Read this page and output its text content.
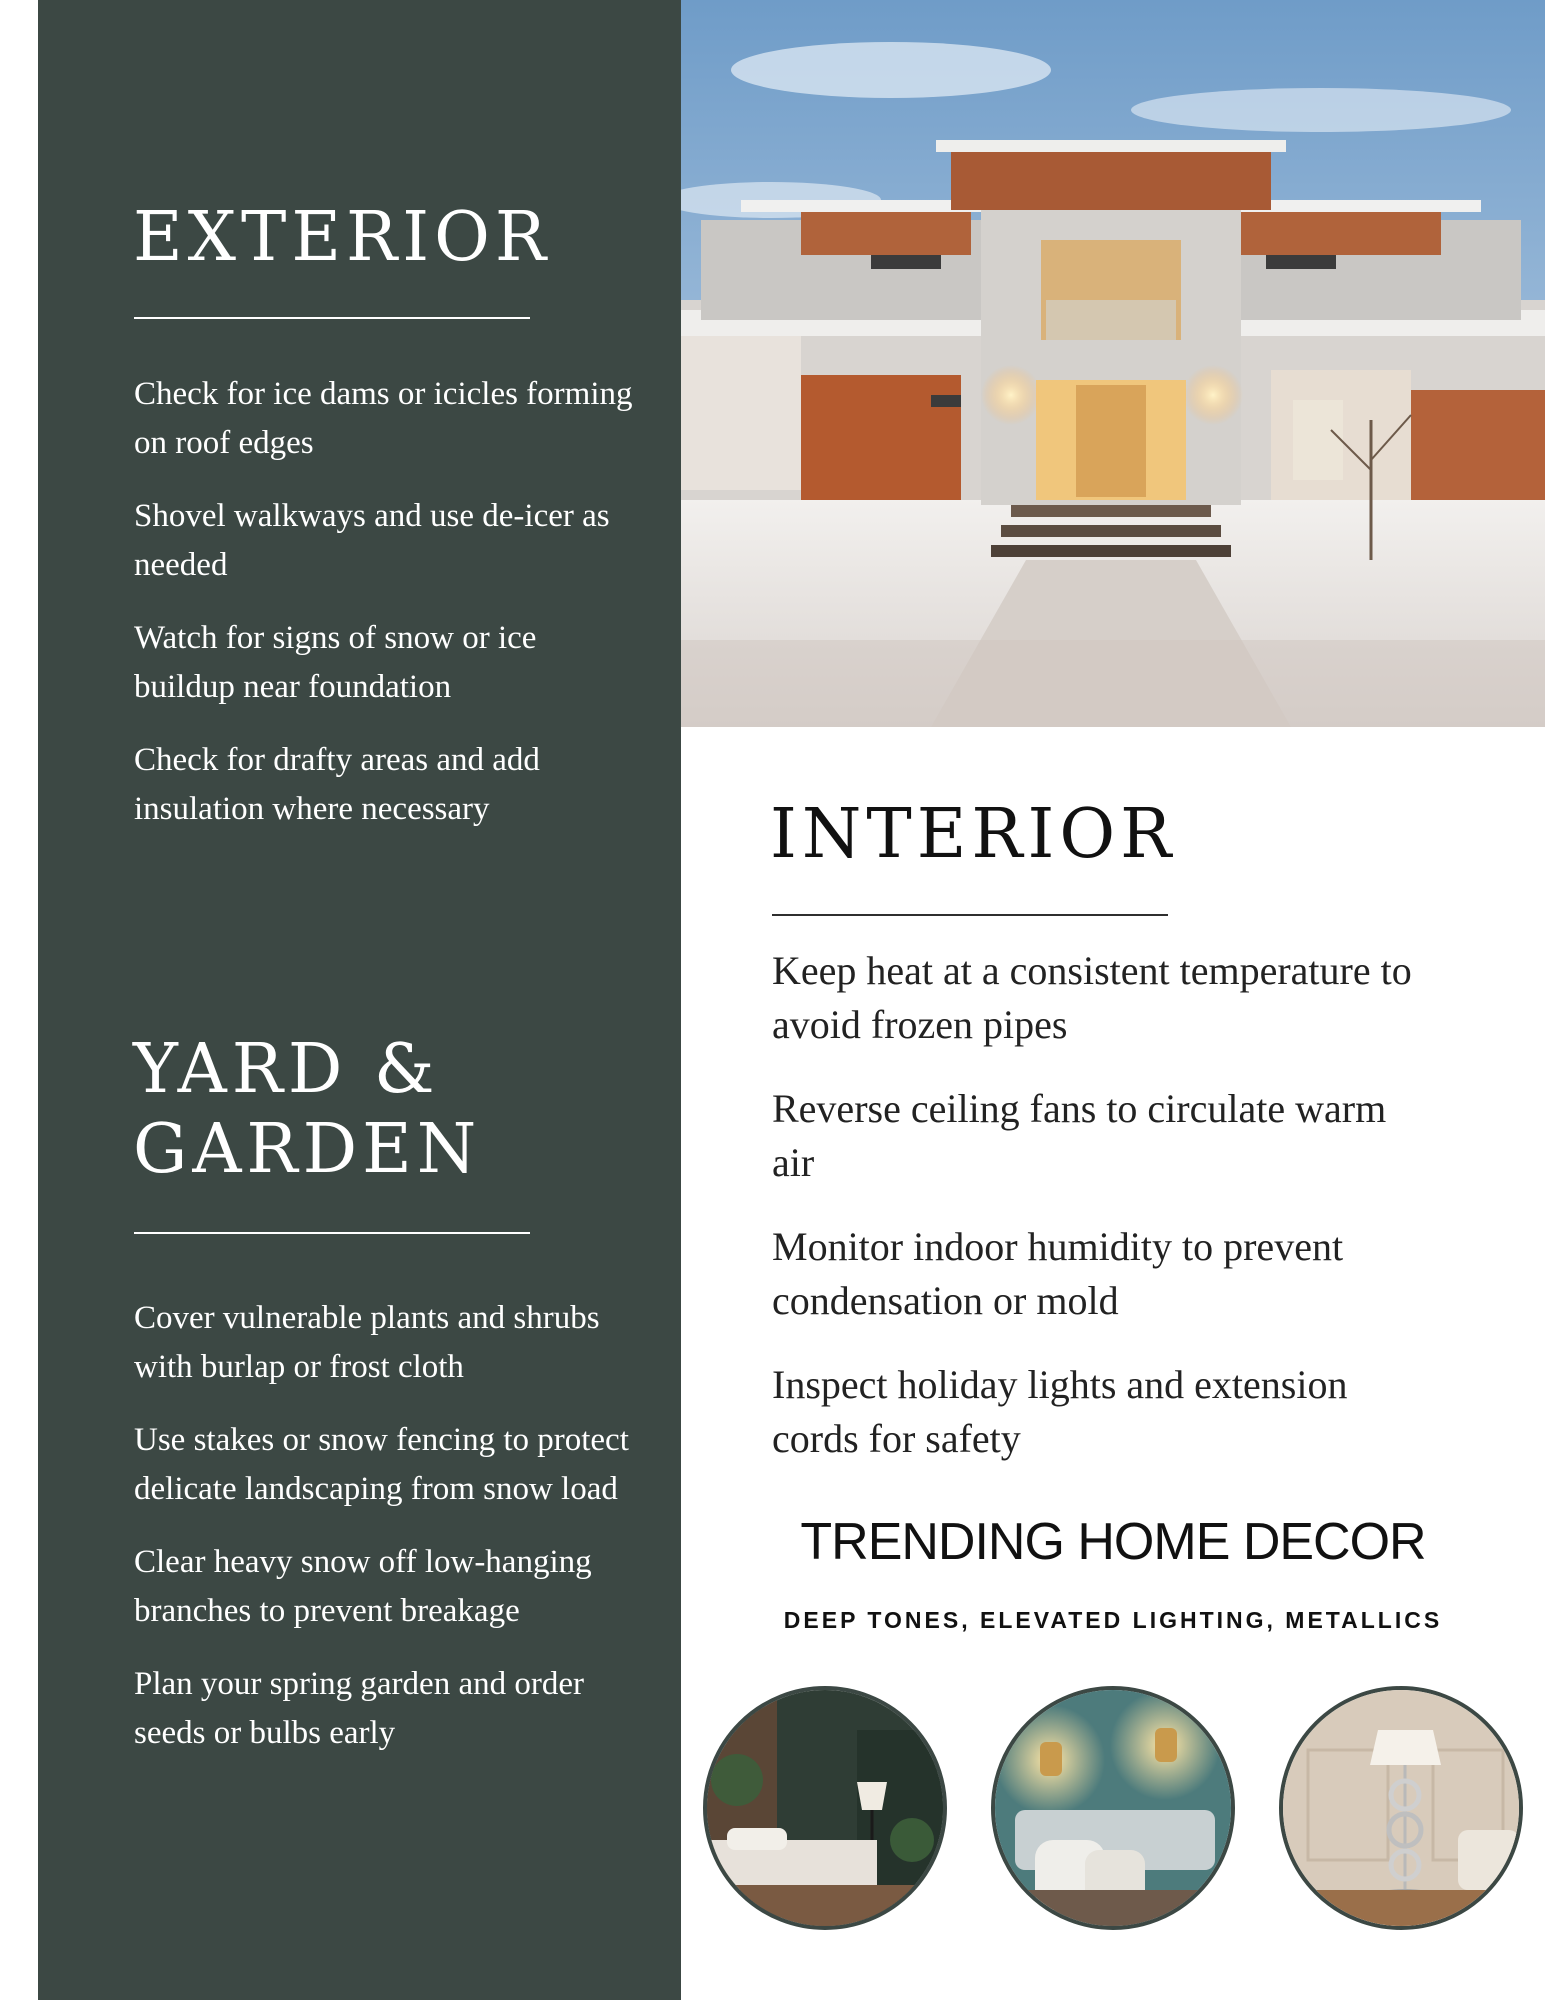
EXTERIOR
Check for ice dams or icicles forming on roof edges
Shovel walkways and use de-icer as needed
Watch for signs of snow or ice buildup near foundation
Check for drafty areas and add insulation where necessary
YARD &
GARDEN
Cover vulnerable plants and shrubs with burlap or frost cloth
Use stakes or snow fencing to protect delicate landscaping from snow load
Clear heavy snow off low-hanging branches to prevent breakage
Plan your spring garden and order seeds or bulbs early
INTERIOR
Keep heat at a consistent temperature to avoid frozen pipes
Reverse ceiling fans to circulate warm air
Monitor indoor humidity to prevent condensation or mold
Inspect holiday lights and extension cords for safety
TRENDING HOME DECOR

DEEP TONES, ELEVATED LIGHTING, METALLICS
